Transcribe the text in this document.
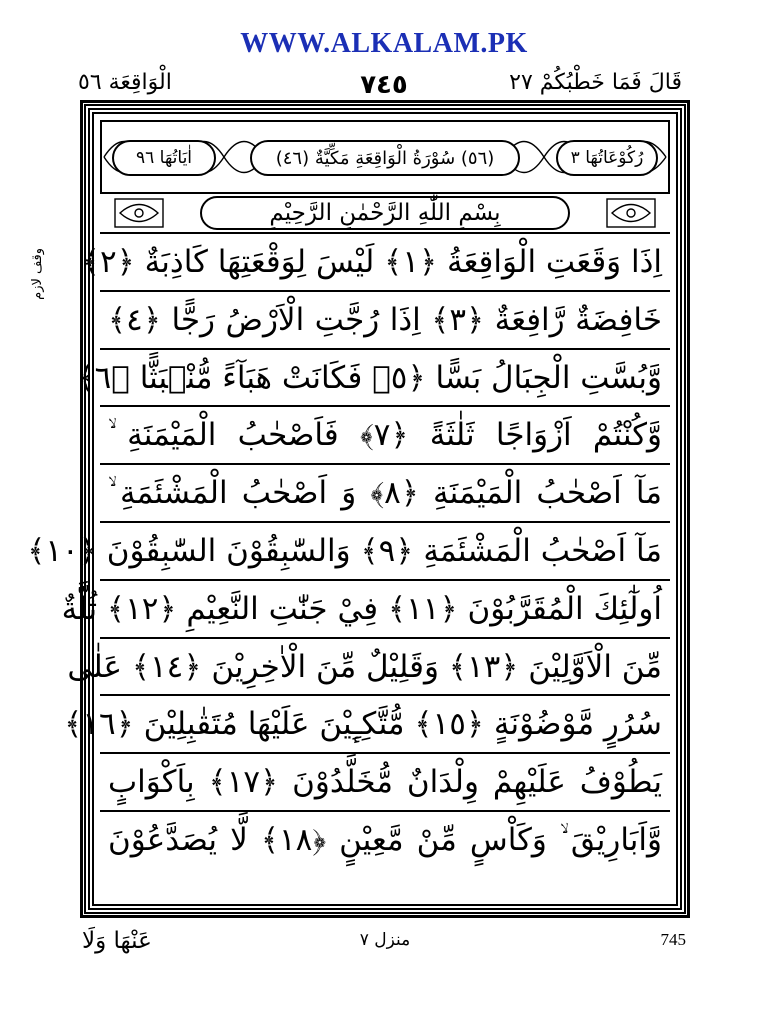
WWW.ALKALAM.PK
قَالَ فَمَا خَطْبُكُمْ ٢٧
٧٤٥
الْوَاقِعَة ٥٦
اٰیَاتُهَا ٩٦	(٥٦) سُوْرَةُ الْوَاقِعَةِ مَكِّيَّةٌ (٤٦)	رُكُوْعَاتُهَا ٣
بِسْمِ اللّٰهِ الرَّحْمٰنِ الرَّحِيْمِ
وقف لازم اِذَا وَقَعَتِ الْوَاقِعَةُ ﴿١﴾ لَيْسَ لِوَقْعَتِهَا كَاذِبَةٌ ﴿٢﴾
خَافِضَةٌ رَّافِعَةٌ ﴿٣﴾ اِذَا رُجَّتِ الْاَرْضُ رَجًّا ﴿٤﴾
وَّبُسَّتِ الْجِبَالُ بَسًّا ﴿٥﴾ فَكَانَتْ هَبَآءً مُّنْۢبَثًّا ﴿٦﴾
وَّكُنْتُمْ اَزْوَاجًا ثَلٰثَةً ﴿٧﴾ فَاَصْحٰبُ الْمَيْمَنَةِ ۙ
مَآ اَصْحٰبُ الْمَيْمَنَةِ ﴿٨﴾ وَ اَصْحٰبُ الْمَشْئَمَةِ ۙ
مَآ اَصْحٰبُ الْمَشْئَمَةِ ﴿٩﴾ وَالسّٰبِقُوْنَ السّٰبِقُوْنَ ﴿١٠﴾
اُولٰٓئِكَ الْمُقَرَّبُوْنَ ﴿١١﴾ فِيْ جَنّٰتِ النَّعِيْمِ ﴿١٢﴾ ثُلَّةٌ
مِّنَ الْاَوَّلِيْنَ ﴿١٣﴾ وَقَلِيْلٌ مِّنَ الْاٰخِرِيْنَ ﴿١٤﴾ عَلٰى
سُرُرٍ مَّوْضُوْنَةٍ ﴿١٥﴾ مُّتَّكِـِٕيْنَ عَلَيْهَا مُتَقٰبِلِيْنَ ﴿١٦﴾
يَطُوْفُ عَلَيْهِمْ وِلْدَانٌ مُّخَلَّدُوْنَ ﴿١٧﴾ بِاَكْوَابٍ
وَّاَبَارِيْقَ ۙ وَكَاْسٍ مِّنْ مَّعِيْنٍ ﴿١٨﴾ لَّا يُصَدَّعُوْنَ
عَنْهَا وَلَا	منزل ٧	745
